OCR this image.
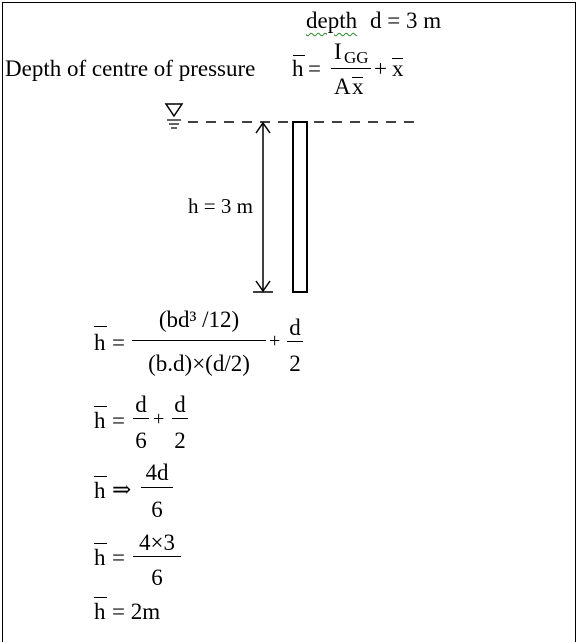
depth d = 3 m
Depth of centre of pressure h =
I GG
A x
+ x
h = 3 m
h =
(bd³ /12)
(b.d)×(d/2)
+
d
2
h =
d
6
+
d
2
h ⇒
4d
6
h =
4×3
6
h = 2m
